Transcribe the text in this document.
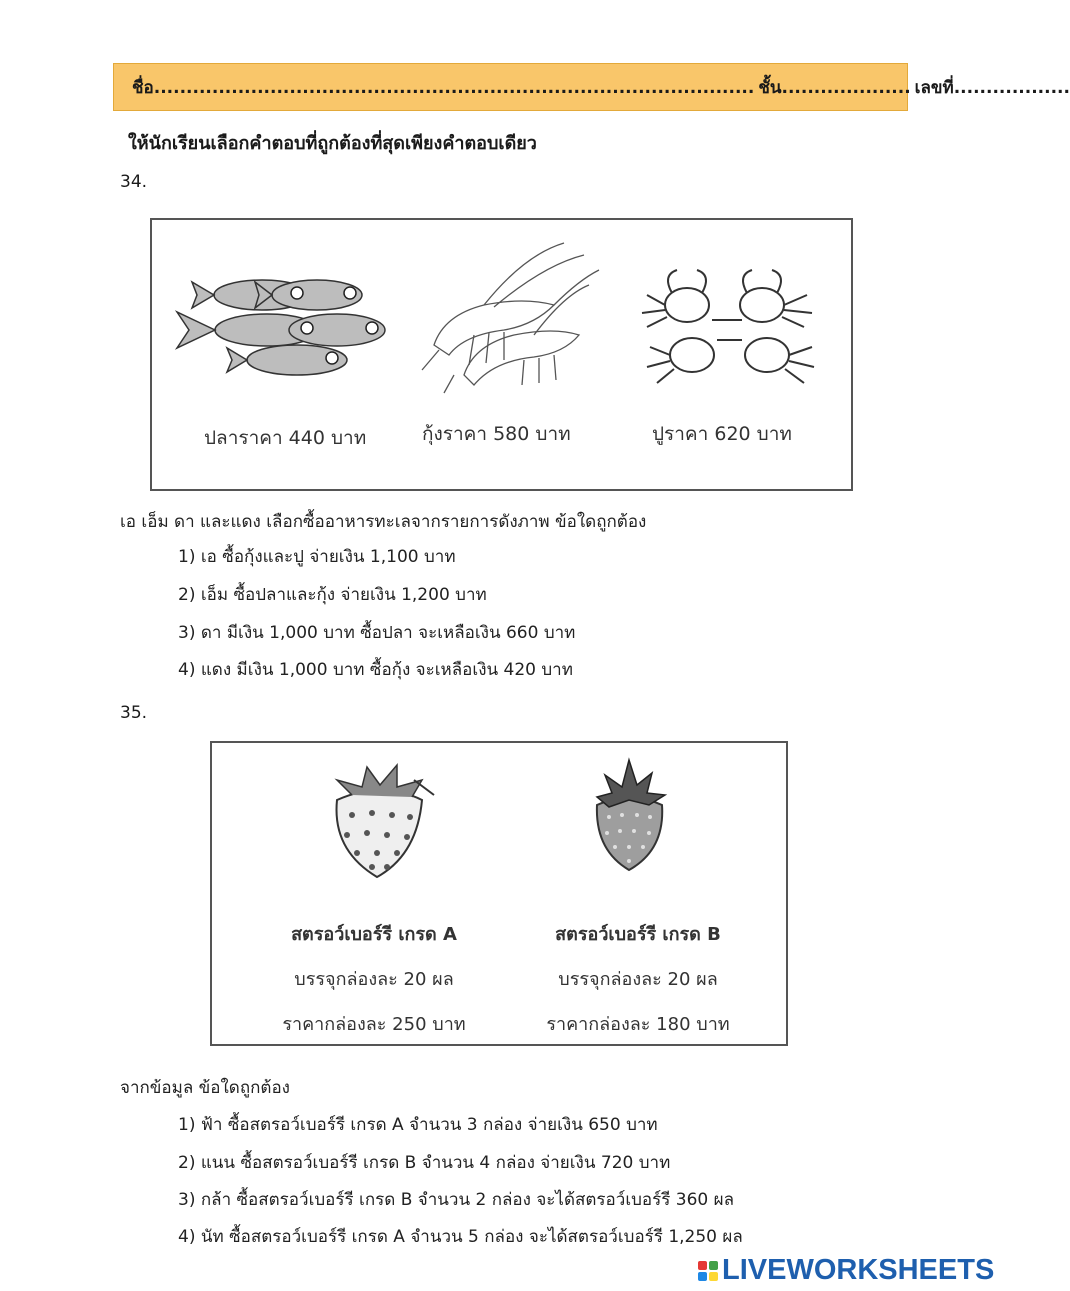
ชื่อ............................................................................................. ชั้น.................... เลขที่..................
ให้นักเรียนเลือกคำตอบที่ถูกต้องที่สุดเพียงคำตอบเดียว
34.
ปลาราคา 440 บาท	กุ้งราคา 580 บาท	ปูราคา 620 บาท
เอ เอ็ม ดา และแดง เลือกซื้ออาหารทะเลจากรายการดังภาพ ข้อใดถูกต้อง
1) เอ ซื้อกุ้งและปู จ่ายเงิน 1,100 บาท
2) เอ็ม ซื้อปลาและกุ้ง จ่ายเงิน 1,200 บาท
3) ดา มีเงิน 1,000 บาท ซื้อปลา จะเหลือเงิน 660 บาท
4) แดง มีเงิน 1,000 บาท ซื้อกุ้ง จะเหลือเงิน 420 บาท
35.
สตรอว์เบอร์รี เกรด A
บรรจุกล่องละ 20 ผล
ราคากล่องละ 250 บาท
สตรอว์เบอร์รี เกรด B
บรรจุกล่องละ 20 ผล
ราคากล่องละ 180 บาท
จากข้อมูล ข้อใดถูกต้อง
1) ฟ้า ซื้อสตรอว์เบอร์รี เกรด A จำนวน 3 กล่อง จ่ายเงิน 650 บาท
2) แนน ซื้อสตรอว์เบอร์รี เกรด B จำนวน 4 กล่อง จ่ายเงิน 720 บาท
3) กล้า ซื้อสตรอว์เบอร์รี เกรด B จำนวน 2 กล่อง จะได้สตรอว์เบอร์รี 360 ผล
4) นัท ซื้อสตรอว์เบอร์รี เกรด A จำนวน 5 กล่อง จะได้สตรอว์เบอร์รี 1,250 ผล
LIVEWORKSHEETS
